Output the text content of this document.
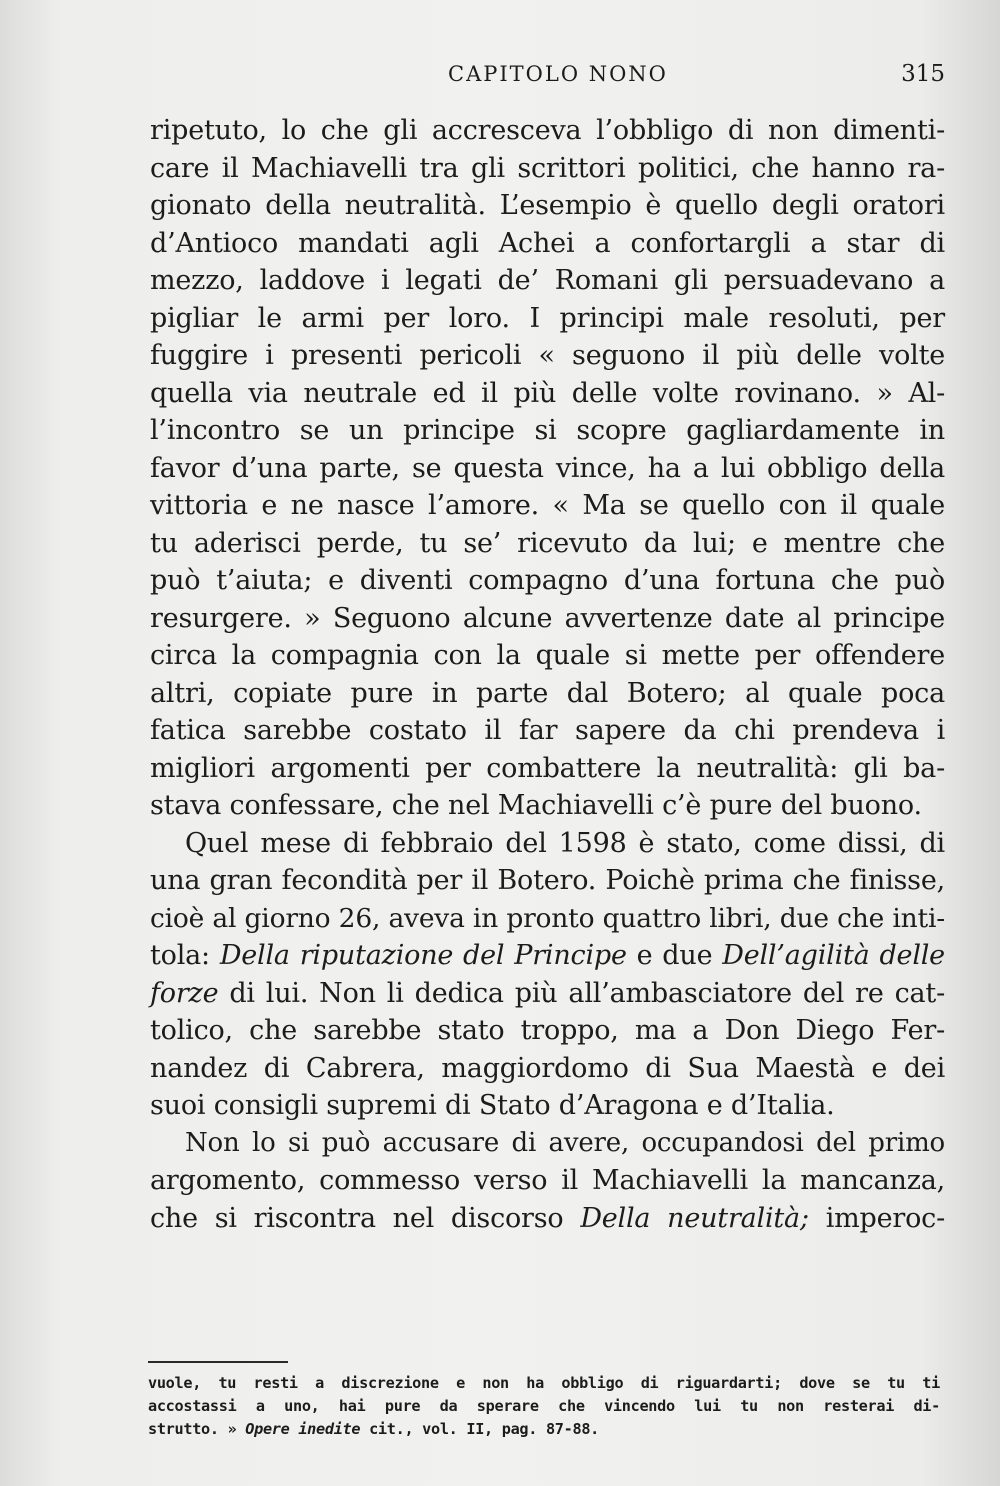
CAPITOLO NONO	315
ripetuto, lo che gli accresceva l’obbligo di non dimenti-
care il Machiavelli tra gli scrittori politici, che hanno ra-
gionato della neutralità. L’esempio è quello degli oratori
d’Antioco mandati agli Achei a confortargli a star di
mezzo, laddove i legati de’ Romani gli persuadevano a
pigliar le armi per loro. I principi male resoluti, per
fuggire i presenti pericoli « seguono il più delle volte
quella via neutrale ed il più delle volte rovinano. » Al-
l’incontro se un principe si scopre gagliardamente in
favor d’una parte, se questa vince, ha a lui obbligo della
vittoria e ne nasce l’amore. « Ma se quello con il quale
tu aderisci perde, tu se’ ricevuto da lui; e mentre che
può t’aiuta; e diventi compagno d’una fortuna che può
resurgere. » Seguono alcune avvertenze date al principe
circa la compagnia con la quale si mette per offendere
altri, copiate pure in parte dal Botero; al quale poca
fatica sarebbe costato il far sapere da chi prendeva i
migliori argomenti per combattere la neutralità: gli ba-
stava confessare, che nel Machiavelli c’è pure del buono.
Quel mese di febbraio del 1598 è stato, come dissi, di
una gran fecondità per il Botero. Poichè prima che finisse,
cioè al giorno 26, aveva in pronto quattro libri, due che inti-
tola: Della riputazione del Principe e due Dell’agilità delle
forze di lui. Non li dedica più all’ambasciatore del re cat-
tolico, che sarebbe stato troppo, ma a Don Diego Fer-
nandez di Cabrera, maggiordomo di Sua Maestà e dei
suoi consigli supremi di Stato d’Aragona e d’Italia.
Non lo si può accusare di avere, occupandosi del primo
argomento, commesso verso il Machiavelli la mancanza,
che si riscontra nel discorso Della neutralità; imperoc-
vuole, tu resti a discrezione e non ha obbligo di riguardarti; dove se tu ti
accostassi a uno, hai pure da sperare che vincendo lui tu non resterai di-
strutto. » Opere inedite cit., vol. II, pag. 87-88.
